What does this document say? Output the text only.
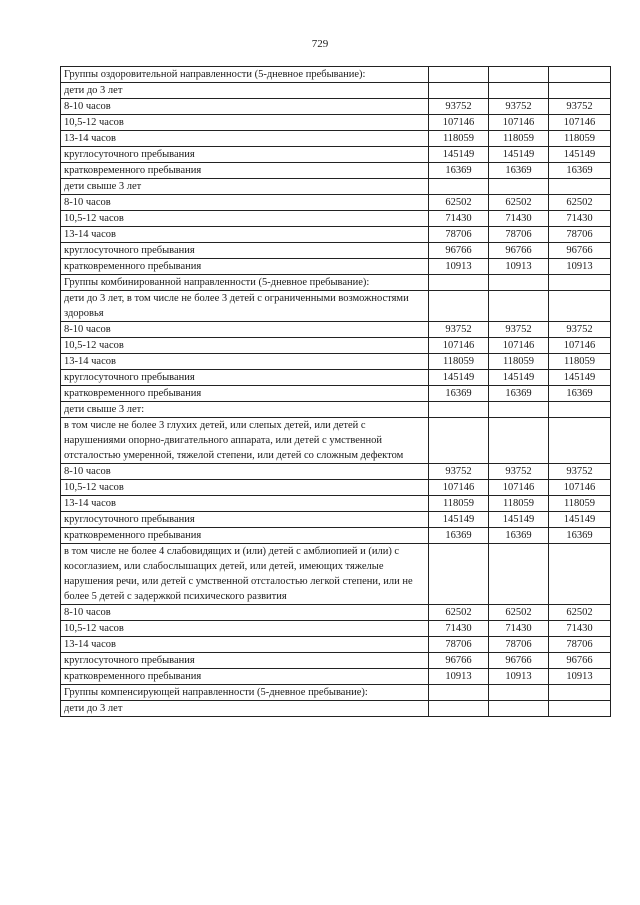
729
Группы оздоровительной направленности (5-дневное пребывание):			
дети до 3 лет			
8-10 часов	93752	93752	93752
10,5-12 часов	107146	107146	107146
13-14 часов	118059	118059	118059
круглосуточного пребывания	145149	145149	145149
кратковременного пребывания	16369	16369	16369
дети свыше 3 лет			
8-10 часов	62502	62502	62502
10,5-12 часов	71430	71430	71430
13-14 часов	78706	78706	78706
круглосуточного пребывания	96766	96766	96766
кратковременного пребывания	10913	10913	10913
Группы комбинированной направленности (5-дневное пребывание):			
дети до 3 лет, в том числе не более 3 детей с ограниченными возможностями здоровья			
8-10 часов	93752	93752	93752
10,5-12 часов	107146	107146	107146
13-14 часов	118059	118059	118059
круглосуточного пребывания	145149	145149	145149
кратковременного пребывания	16369	16369	16369
дети свыше 3 лет:			
в том числе не более 3 глухих детей, или слепых детей, или детей с нарушениями опорно-двигательного аппарата, или детей с умственной отсталостью умеренной, тяжелой степени, или детей со сложным дефектом			
8-10 часов	93752	93752	93752
10,5-12 часов	107146	107146	107146
13-14 часов	118059	118059	118059
круглосуточного пребывания	145149	145149	145149
кратковременного пребывания	16369	16369	16369
в том числе не более 4 слабовидящих и (или) детей с амблиопией и (или) с косоглазием, или слабослышащих детей, или детей, имеющих тяжелые нарушения речи, или детей с умственной отсталостью легкой степени, или не более 5 детей с задержкой психического развития			
8-10 часов	62502	62502	62502
10,5-12 часов	71430	71430	71430
13-14 часов	78706	78706	78706
круглосуточного пребывания	96766	96766	96766
кратковременного пребывания	10913	10913	10913
Группы компенсирующей направленности (5-дневное пребывание):			
дети до 3 лет			
